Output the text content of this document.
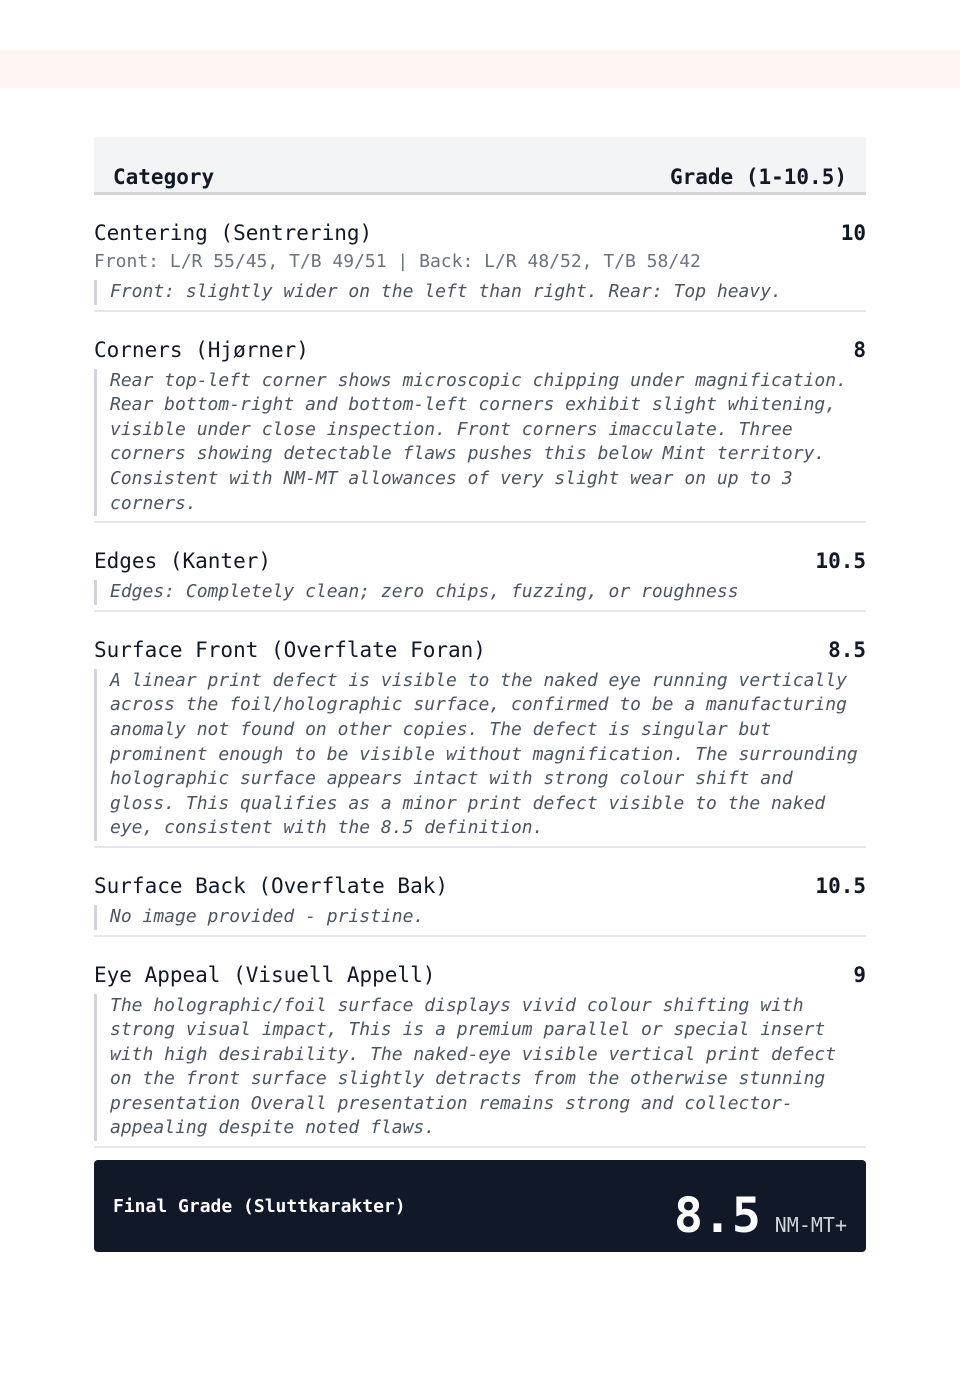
Category	Grade (1-10.5)
Centering (Sentrering)	10
Front: L/R 55/45, T/B 49/51 | Back: L/R 48/52, T/B 58/42
Front: slightly wider on the left than right. Rear: Top heavy.
Corners (Hjørner)	8
Rear top-left corner shows microscopic chipping under magnification. Rear bottom-right and bottom-left corners exhibit slight whitening, visible under close inspection. Front corners imacculate. Three corners showing detectable flaws pushes this below Mint territory. Consistent with NM-MT allowances of very slight wear on up to 3 corners.
Edges (Kanter)	10.5
Edges: Completely clean; zero chips, fuzzing, or roughness
Surface Front (Overflate Foran)	8.5
A linear print defect is visible to the naked eye running vertically across the foil/holographic surface, confirmed to be a manufacturing anomaly not found on other copies. The defect is singular but prominent enough to be visible without magnification. The surrounding holographic surface appears intact with strong colour shift and gloss. This qualifies as a minor print defect visible to the naked eye, consistent with the 8.5 definition.
Surface Back (Overflate Bak)	10.5
No image provided - pristine.
Eye Appeal (Visuell Appell)	9
The holographic/foil surface displays vivid colour shifting with strong visual impact, This is a premium parallel or special insert with high desirability. The naked-eye visible vertical print defect on the front surface slightly detracts from the otherwise stunning presentation Overall presentation remains strong and collector-appealing despite noted flaws.
Final Grade (Sluttkarakter)	8.5 NM-MT+
